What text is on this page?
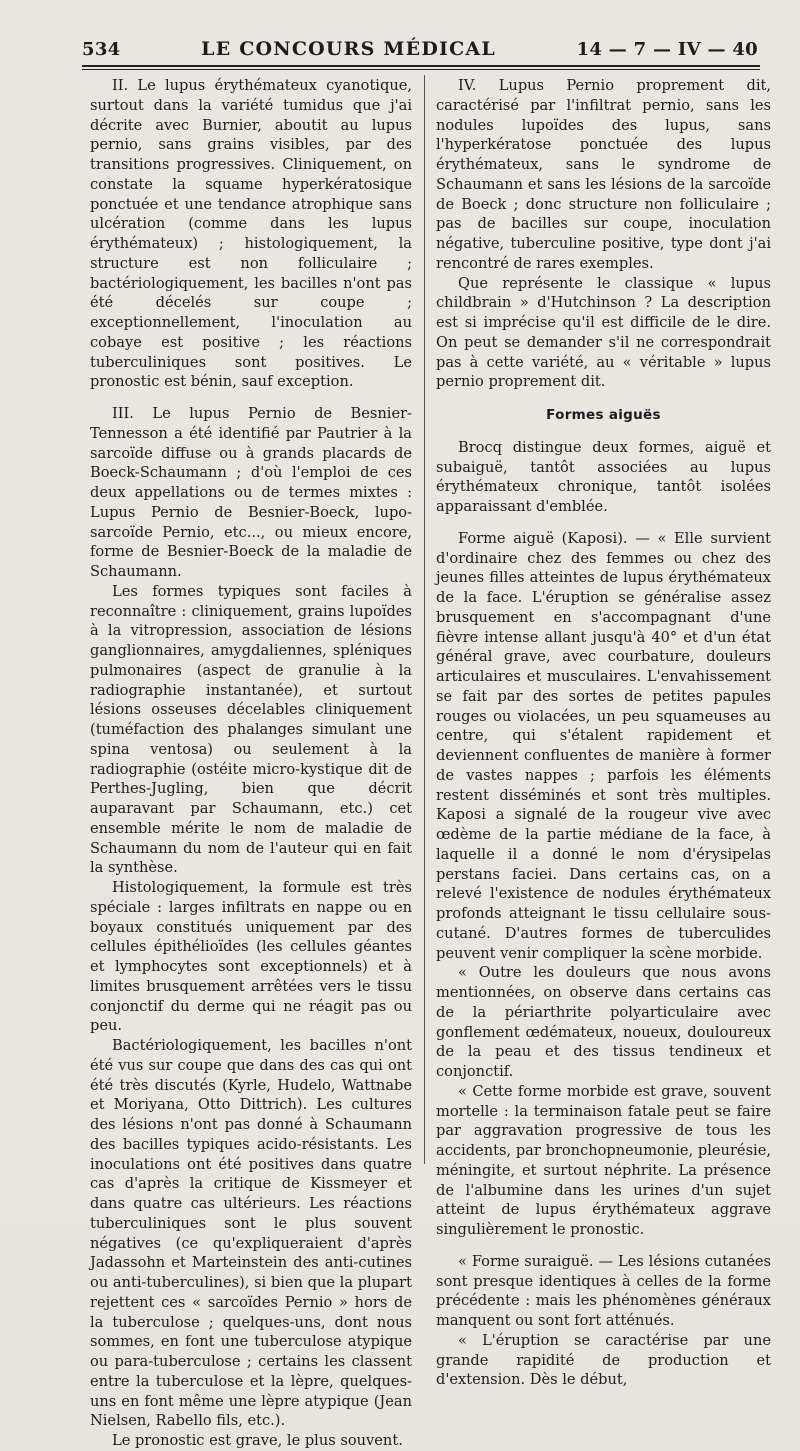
534	LE CONCOURS MÉDICAL	14 — 7 — IV — 40

II. Le lupus érythémateux cyanotique, surtout dans la variété tumidus que j'ai décrite avec Burnier, aboutit au lupus pernio, sans grains visibles, par des transitions progressives. Cliniquement, on constate la squame hyperkératosique ponctuée et une tendance atrophique sans ulcération (comme dans les lupus érythémateux) ; histologiquement, la structure est non folliculaire ; bactériologiquement, les bacilles n'ont pas été décelés sur coupe ; exceptionnellement, l'inoculation au cobaye est positive ; les réactions tuberculiniques sont positives. Le pronostic est bénin, sauf exception.

III. Le lupus Pernio de Besnier-Tennesson a été identifié par Pautrier à la sarcoïde diffuse ou à grands placards de Boeck-Schaumann ; d'où l'emploi de ces deux appellations ou de termes mixtes : Lupus Pernio de Besnier-Boeck, lupo-sarcoïde Pernio, etc..., ou mieux encore, forme de Besnier-Boeck de la maladie de Schaumann.

Les formes typiques sont faciles à reconnaître : cliniquement, grains lupoïdes à la vitropression, association de lésions ganglionnaires, amygdaliennes, spléniques pulmonaires (aspect de granulie à la radiographie instantanée), et surtout lésions osseuses décelables cliniquement (tuméfaction des phalanges simulant une spina ventosa) ou seulement à la radiographie (ostéite micro-kystique dit de Perthes-Jugling, bien que décrit auparavant par Schaumann, etc.) cet ensemble mérite le nom de maladie de Schaumann du nom de l'auteur qui en fait la synthèse.

Histologiquement, la formule est très spéciale : larges infiltrats en nappe ou en boyaux constitués uniquement par des cellules épithélioïdes (les cellules géantes et lymphocytes sont exceptionnels) et à limites brusquement arrêtées vers le tissu conjonctif du derme qui ne réagit pas ou peu.

Bactériologiquement, les bacilles n'ont été vus sur coupe que dans des cas qui ont été très discutés (Kyrle, Hudelo, Wattnabe et Moriyana, Otto Dittrich). Les cultures des lésions n'ont pas donné à Schaumann des bacilles typiques acido-résistants. Les inoculations ont été positives dans quatre cas d'après la critique de Kissmeyer et dans quatre cas ultérieurs. Les réactions tuberculiniques sont le plus souvent négatives (ce qu'expliqueraient d'après Jadassohn et Marteinstein des anti-cutines ou anti-tuberculines), si bien que la plupart rejettent ces « sarcoïdes Pernio » hors de la tuberculose ; quelques-uns, dont nous sommes, en font une tuberculose atypique ou para-tuberculose ; certains les classent entre la tuberculose et la lèpre, quelques-uns en font même une lèpre atypique (Jean Nielsen, Rabello fils, etc.).

Le pronostic est grave, le plus souvent.

IV. Lupus Pernio proprement dit, caractérisé par l'infiltrat pernio, sans les nodules lupoïdes des lupus, sans l'hyperkératose ponctuée des lupus érythémateux, sans le syndrome de Schaumann et sans les lésions de la sarcoïde de Boeck ; donc structure non folliculaire ; pas de bacilles sur coupe, inoculation négative, tuberculine positive, type dont j'ai rencontré de rares exemples.

Que représente le classique « lupus childbrain » d'Hutchinson ? La description est si imprécise qu'il est difficile de le dire. On peut se demander s'il ne correspondrait pas à cette variété, au « véritable » lupus pernio proprement dit.

Formes aiguës

Brocq distingue deux formes, aiguë et subaiguë, tantôt associées au lupus érythémateux chronique, tantôt isolées apparaissant d'emblée.

Forme aiguë (Kaposi). — « Elle survient d'ordinaire chez des femmes ou chez des jeunes filles atteintes de lupus érythémateux de la face. L'éruption se généralise assez brusquement en s'accompagnant d'une fièvre intense allant jusqu'à 40° et d'un état général grave, avec courbature, douleurs articulaires et musculaires. L'envahissement se fait par des sortes de petites papules rouges ou violacées, un peu squameuses au centre, qui s'étalent rapidement et deviennent confluentes de manière à former de vastes nappes ; parfois les éléments restent disséminés et sont très multiples. Kaposi a signalé de la rougeur vive avec œdème de la partie médiane de la face, à laquelle il a donné le nom d'érysipelas perstans faciei. Dans certains cas, on a relevé l'existence de nodules érythémateux profonds atteignant le tissu cellulaire sous-cutané. D'autres formes de tuberculides peuvent venir compliquer la scène morbide.

« Outre les douleurs que nous avons mentionnées, on observe dans certains cas de la périarthrite polyarticulaire avec gonflement œdémateux, noueux, douloureux de la peau et des tissus tendineux et conjonctif.

« Cette forme morbide est grave, souvent mortelle : la terminaison fatale peut se faire par aggravation progressive de tous les accidents, par bronchopneumonie, pleurésie, méningite, et surtout néphrite. La présence de l'albumine dans les urines d'un sujet atteint de lupus érythémateux aggrave singulièrement le pronostic.

« Forme suraiguë. — Les lésions cutanées sont presque identiques à celles de la forme précédente : mais les phénomènes généraux manquent ou sont fort atténués.

« L'éruption se caractérise par une grande rapidité de production et d'extension. Dès le début,
